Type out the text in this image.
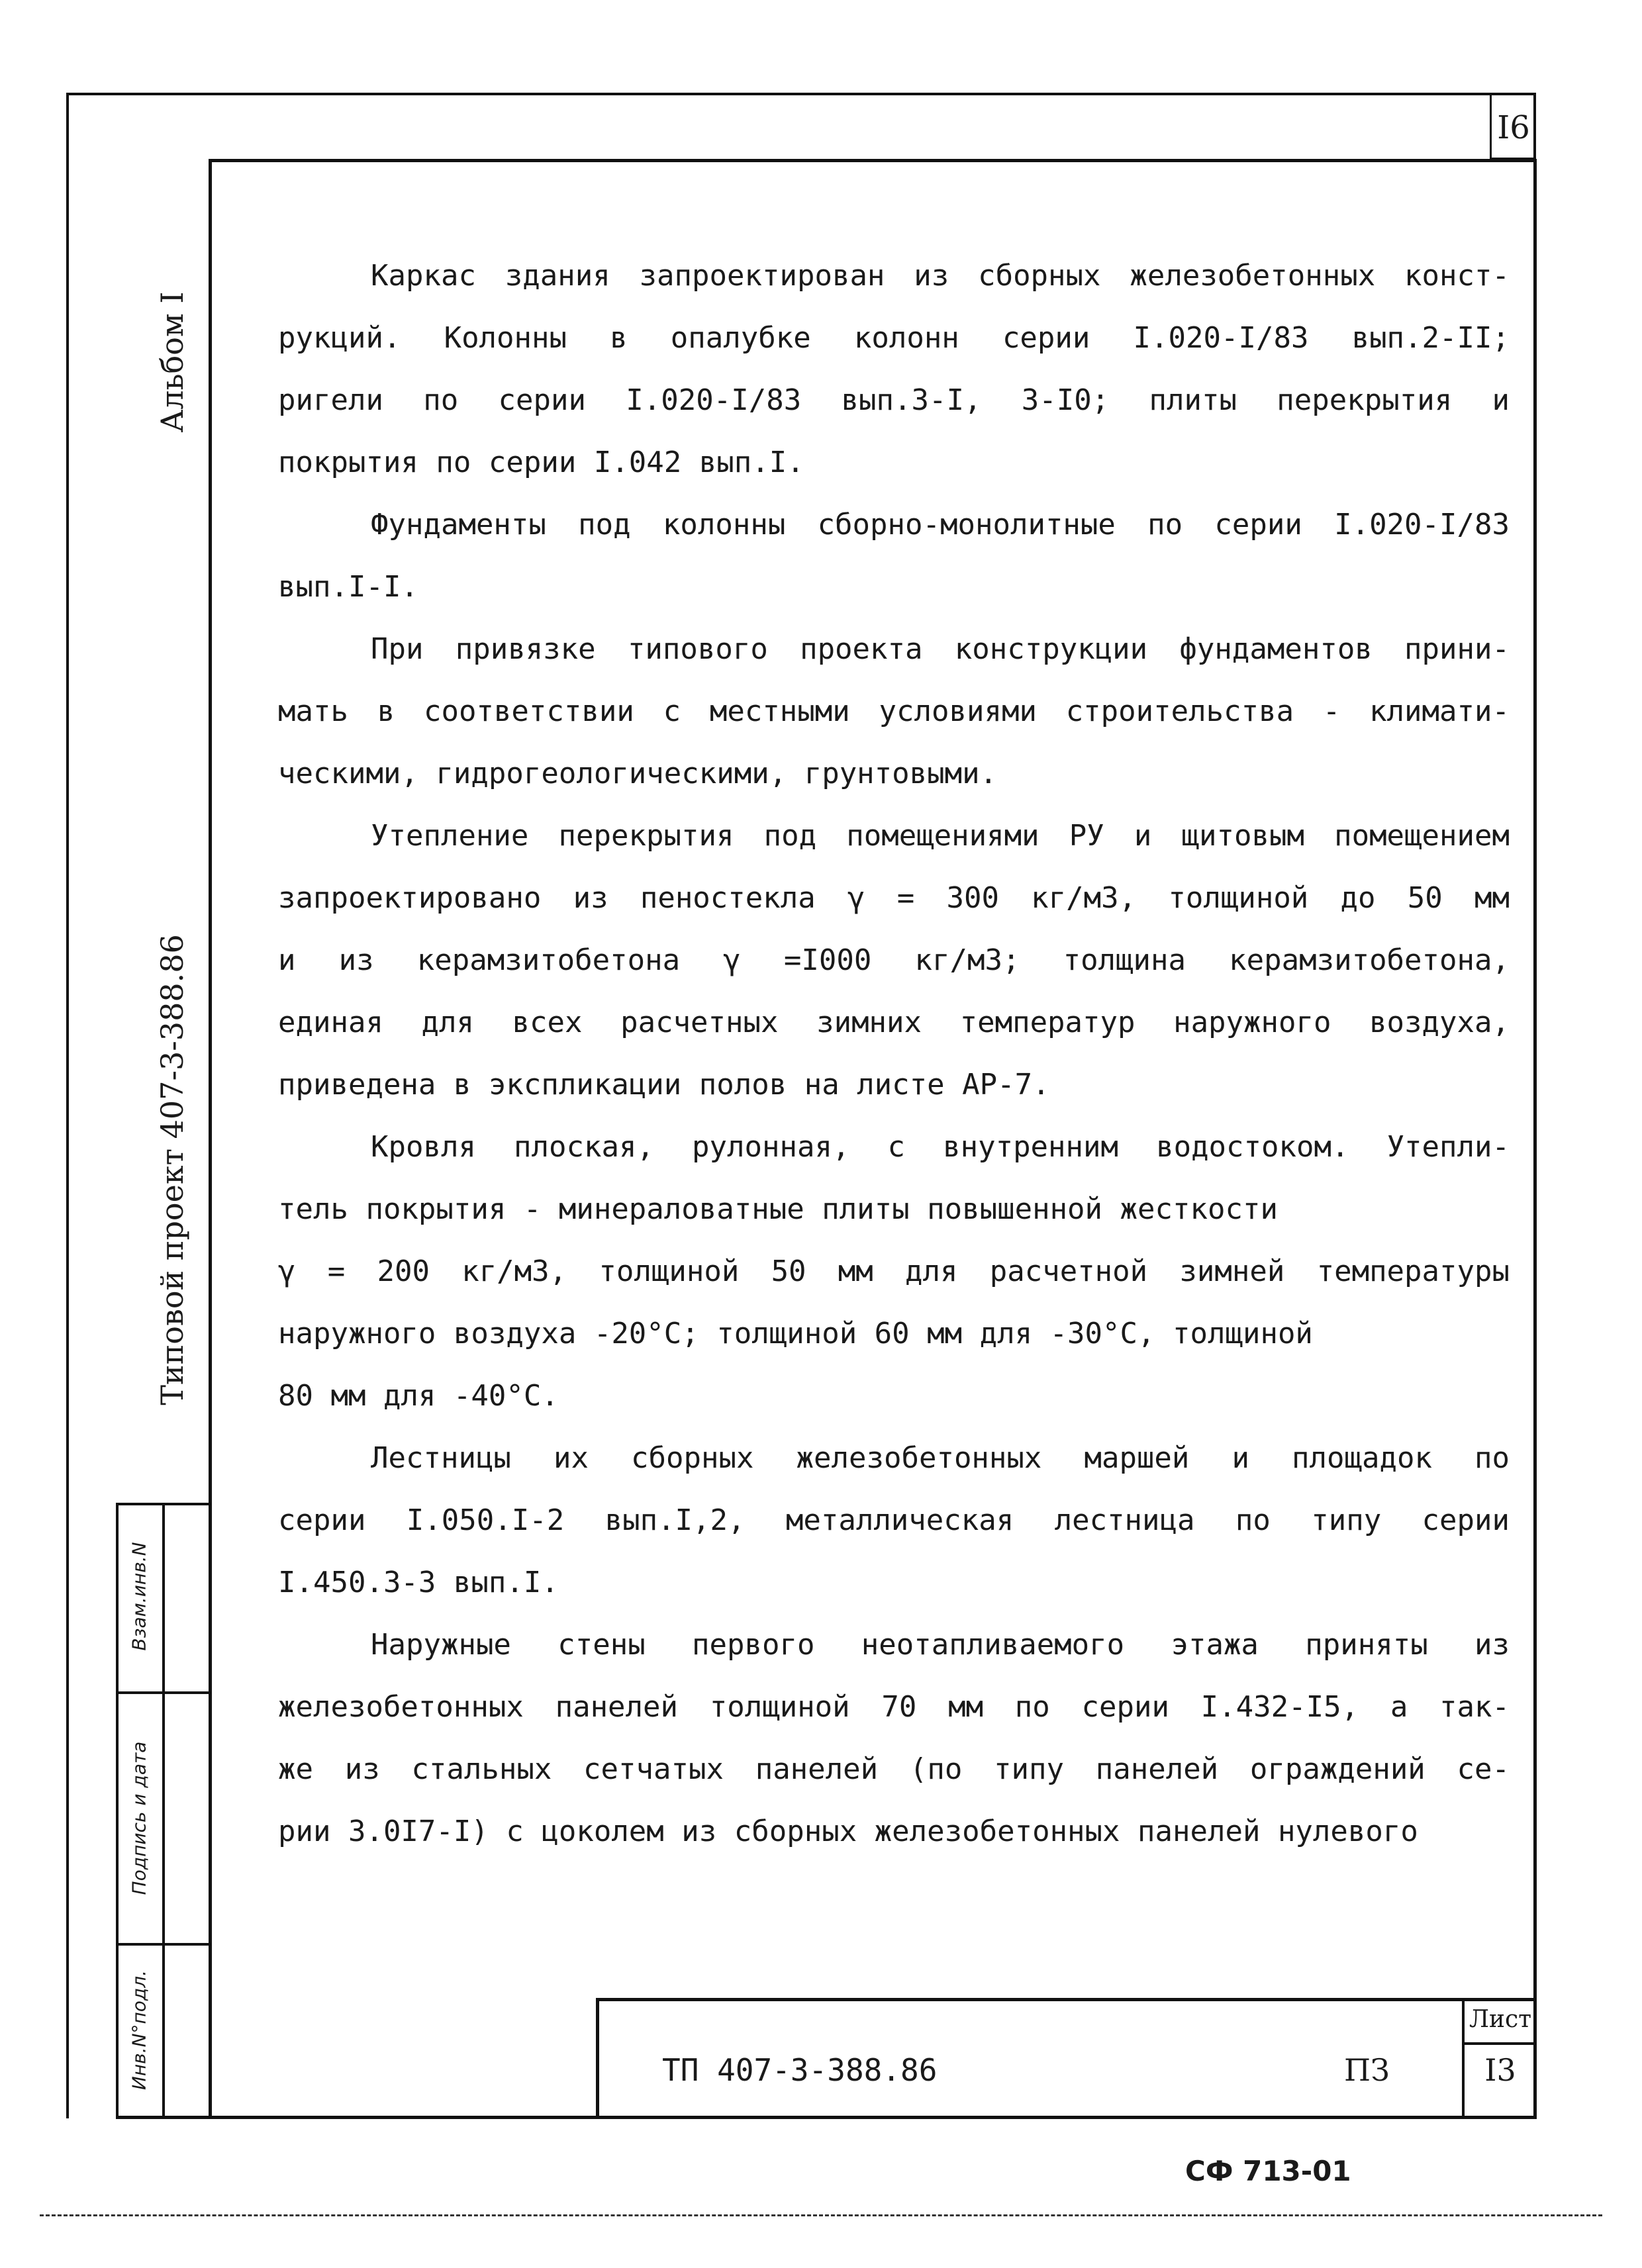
I6
Альбом I
Типовой проект 407-3-388.86
Инв.N°подл.
Подпись и дата
Взам.инв.N
Каркас здания запроектирован из сборных железобетонных конст-
рукций. Колонны в опалубке колонн серии I.020-I/83 вып.2-II;
ригели по серии I.020-I/83 вып.3-I, 3-I0; плиты перекрытия и
покрытия по серии I.042 вып.I.
Фундаменты под колонны сборно-монолитные по серии I.020-I/83
вып.I-I.
При привязке типового проекта конструкции фундаментов прини-
мать в соответствии с местными условиями строительства - климати-
ческими, гидрогеологическими, грунтовыми.
Утепление перекрытия под помещениями РУ и щитовым помещением
запроектировано из пеностекла γ = 300 кг/м3, толщиной до 50 мм
и из керамзитобетона γ =I000 кг/м3; толщина керамзитобетона,
единая для всех расчетных зимних температур наружного воздуха,
приведена в экспликации полов на листе АР-7.
Кровля плоская, рулонная, с внутренним водостоком. Утепли-
тель покрытия - минераловатные плиты повышенной жесткости
γ = 200 кг/м3, толщиной 50 мм для расчетной зимней температуры
наружного воздуха -20°С; толщиной 60 мм для -30°С, толщиной
80 мм для -40°С.
Лестницы их сборных железобетонных маршей и площадок по
серии I.050.I-2 вып.I,2, металлическая лестница по типу серии
I.450.3-3 вып.I.
Наружные стены первого неотапливаемого этажа приняты из
железобетонных панелей толщиной 70 мм по серии I.432-I5, а так-
же из стальных сетчатых панелей (по типу панелей ограждений се-
рии 3.0I7-I) с цоколем из сборных железобетонных панелей нулевого
ТП 407-3-388.86	ПЗ
Лист
I3
СФ 713-01
